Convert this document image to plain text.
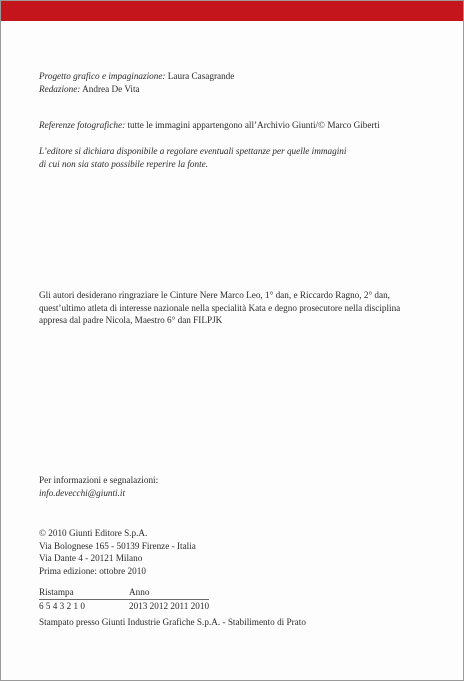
Progetto grafico e impaginazione: Laura Casagrande
Redazione: Andrea De Vita
Referenze fotografiche: tutte le immagini appartengono all’Archivio Giunti/© Marco Giberti
L’editore si dichiara disponibile a regolare eventuali spettanze per quelle immagini
di cui non sia stato possibile reperire la fonte.
Gli autori desiderano ringraziare le Cinture Nere Marco Leo, 1° dan, e Riccardo Ragno, 2° dan,
quest’ultimo atleta di interesse nazionale nella specialità Kata e degno prosecutore nella disciplina
appresa dal padre Nicola, Maestro 6° dan FILPJK
Per informazioni e segnalazioni:
info.devecchi@giunti.it
© 2010 Giunti Editore S.p.A.
Via Bolognese 165 - 50139 Firenze - Italia
Via Dante 4 - 20121 Milano
Prima edizione: ottobre 2010
Ristampa	Anno
6 5 4 3 2 1 0	2013 2012 2011 2010
Stampato presso Giunti Industrie Grafiche S.p.A. - Stabilimento di Prato
